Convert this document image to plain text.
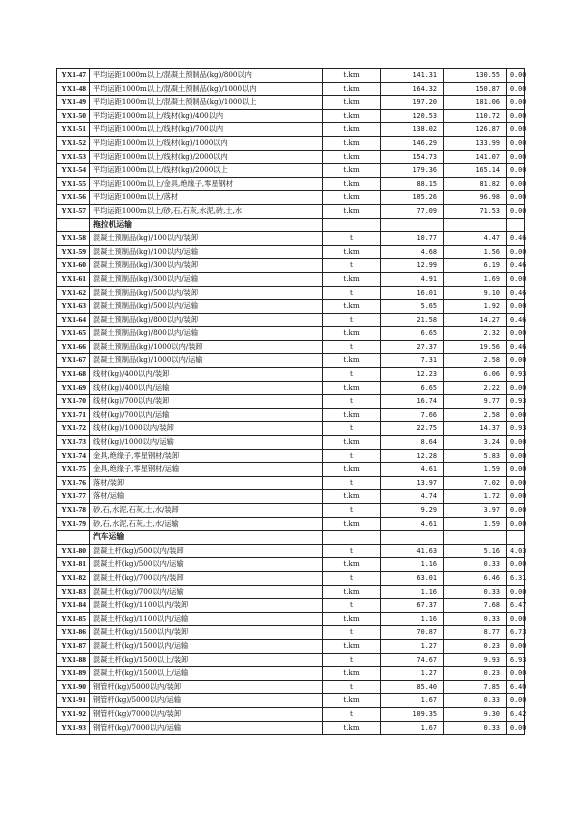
YX1-47	平均运距1000m以上/混凝土预制品(kg)/800以内	t.km	141.31	130.55	0.00
YX1-48	平均运距1000m以上/混凝土预制品(kg)/1000以内	t.km	164.32	150.87	0.00
YX1-49	平均运距1000m以上/混凝土预制品(kg)/1000以上	t.km	197.20	181.06	0.00
YX1-50	平均运距1000m以上/线材(kg)/400以内	t.km	120.53	110.72	0.00
YX1-51	平均运距1000m以上/线材(kg)/700以内	t.km	138.02	126.87	0.00
YX1-52	平均运距1000m以上/线材(kg)/1000以内	t.km	146.29	133.99	0.00
YX1-53	平均运距1000m以上/线材(kg)/2000以内	t.km	154.73	141.07	0.00
YX1-54	平均运距1000m以上/线材(kg)/2000以上	t.km	179.36	165.14	0.00
YX1-55	平均运距1000m以上/金具,绝缘子,零星钢材	t.km	88.15	81.82	0.00
YX1-56	平均运距1000m以上/落材	t.km	105.26	96.98	0.00
YX1-57	平均运距1000m以上/砂,石,石灰,水泥,砖,土,水	t.km	77.09	71.53	0.00
	拖拉机运输				
YX1-58	混凝土预制品(kg)/100以内/装卸	t	10.77	4.47	0.46
YX1-59	混凝土预制品(kg)/100以内/运输	t.km	4.68	1.56	0.00
YX1-60	混凝土预制品(kg)/300以内/装卸	t	12.99	6.19	0.46
YX1-61	混凝土预制品(kg)/300以内/运输	t.km	4.91	1.69	0.00
YX1-62	混凝土预制品(kg)/500以内/装卸	t	16.01	9.10	0.46
YX1-63	混凝土预制品(kg)/500以内/运输	t.km	5.65	1.92	0.00
YX1-64	混凝土预制品(kg)/800以内/装卸	t	21.58	14.27	0.46
YX1-65	混凝土预制品(kg)/800以内/运输	t.km	6.65	2.32	0.00
YX1-66	混凝土预制品(kg)/1000以内/装卸	t	27.37	19.56	0.46
YX1-67	混凝土预制品(kg)/1000以内/运输	t.km	7.31	2.58	0.00
YX1-68	线材(kg)/400以内/装卸	t	12.23	6.06	0.93
YX1-69	线材(kg)/400以内/运输	t.km	6.65	2.22	0.00
YX1-70	线材(kg)/700以内/装卸	t	16.74	9.77	0.93
YX1-71	线材(kg)/700以内/运输	t.km	7.66	2.58	0.00
YX1-72	线材(kg)/1000以内/装卸	t	22.75	14.37	0.93
YX1-73	线材(kg)/1000以内/运输	t.km	8.64	3.24	0.00
YX1-74	金具,绝缘子,零星钢材/装卸	t	12.28	5.83	0.00
YX1-75	金具,绝缘子,零星钢材/运输	t.km	4.61	1.59	0.00
YX1-76	落材/装卸	t	13.97	7.02	0.00
YX1-77	落材/运输	t.km	4.74	1.72	0.00
YX1-78	砂,石,水泥,石灰,土,水/装卸	t	9.29	3.97	0.00
YX1-79	砂,石,水泥,石灰,土,水/运输	t.km	4.61	1.59	0.00
	汽车运输				
YX1-80	混凝土杆(kg)/500以内/装卸	t	41.63	5.16	4.03
YX1-81	混凝土杆(kg)/500以内/运输	t.km	1.16	0.33	0.00
YX1-82	混凝土杆(kg)/700以内/装卸	t	63.01	6.46	6.31
YX1-83	混凝土杆(kg)/700以内/运输	t.km	1.16	0.33	0.00
YX1-84	混凝土杆(kg)/1100以内/装卸	t	67.37	7.68	6.47
YX1-85	混凝土杆(kg)/1100以内/运输	t.km	1.16	0.33	0.00
YX1-86	混凝土杆(kg)/1500以内/装卸	t	70.87	8.77	6.73
YX1-87	混凝土杆(kg)/1500以内/运输	t.km	1.27	0.23	0.00
YX1-88	混凝土杆(kg)/1500以上/装卸	t	74.67	9.93	6.93
YX1-89	混凝土杆(kg)/1500以上/运输	t.km	1.27	0.23	0.00
YX1-90	钢管杆(kg)/5000以内/装卸	t	85.40	7.85	6.40
YX1-91	钢管杆(kg)/5000以内/运输	t.km	1.67	0.33	0.00
YX1-92	钢管杆(kg)/7000以内/装卸	t	109.35	9.30	6.42
YX1-93	钢管杆(kg)/7000以内/运输	t.km	1.67	0.33	0.00
